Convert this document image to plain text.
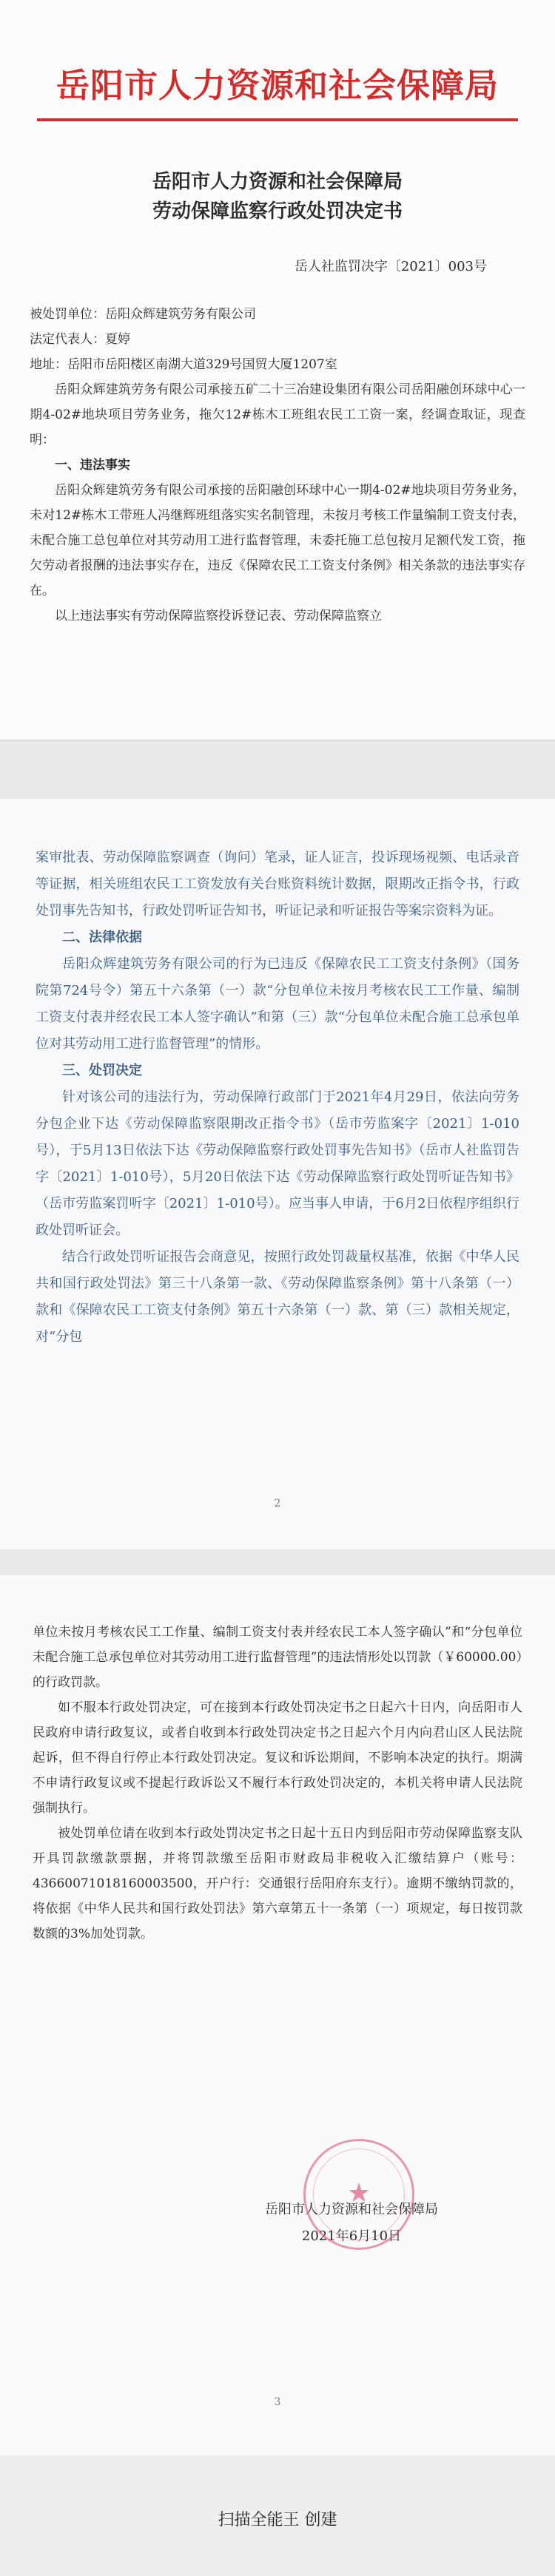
岳阳市人力资源和社会保障局
岳阳市人力资源和社会保障局
劳动保障监察行政处罚决定书

岳人社监罚决字〔2021〕003号

被处罚单位：岳阳众辉建筑劳务有限公司

法定代表人：夏婷

地址：岳阳市岳阳楼区南湖大道329号国贸大厦1207室

岳阳众辉建筑劳务有限公司承接五矿二十三冶建设集团有限公司岳阳融创环球中心一期4-02#地块项目劳务业务，拖欠12#栋木工班组农民工工资一案，经调查取证，现查明：

一、违法事实

岳阳众辉建筑劳务有限公司承接的岳阳融创环球中心一期4-02#地块项目劳务业务，未对12#栋木工带班人冯继辉班组落实实名制管理，未按月考核工作量编制工资支付表，未配合施工总包单位对其劳动用工进行监督管理，未委托施工总包按月足额代发工资，拖欠劳动者报酬的违法事实存在，违反《保障农民工工资支付条例》相关条款的违法事实存在。

以上违法事实有劳动保障监察投诉登记表、劳动保障监察立

案审批表、劳动保障监察调查（询问）笔录，证人证言，投诉现场视频、电话录音等证据，相关班组农民工工资发放有关台账资料统计数据，限期改正指令书，行政处罚事先告知书，行政处罚听证告知书，听证记录和听证报告等案宗资料为证。

二、法律依据

岳阳众辉建筑劳务有限公司的行为已违反《保障农民工工资支付条例》（国务院第724号令）第五十六条第（一）款“分包单位未按月考核农民工工作量、编制工资支付表并经农民工本人签字确认”和第（三）款“分包单位未配合施工总承包单位对其劳动用工进行监督管理”的情形。

三、处罚决定

针对该公司的违法行为，劳动保障行政部门于2021年4月29日，依法向劳务分包企业下达《劳动保障监察限期改正指令书》（岳市劳监案字〔2021〕1-010号），于5月13日依法下达《劳动保障监察行政处罚事先告知书》（岳市人社监罚告字〔2021〕1-010号），5月20日依法下达《劳动保障监察行政处罚听证告知书》（岳市劳监案罚听字〔2021〕1-010号）。应当事人申请，于6月2日依程序组织行政处罚听证会。

结合行政处罚听证报告会商意见，按照行政处罚裁量权基准，依据《中华人民共和国行政处罚法》第三十八条第一款、《劳动保障监察条例》第十八条第（一）款和《保障农民工工资支付条例》第五十六条第（一）款、第（三）款相关规定，对“分包

2

单位未按月考核农民工工作量、编制工资支付表并经农民工本人签字确认”和“分包单位未配合施工总承包单位对其劳动用工进行监督管理”的违法情形处以罚款（￥60000.00）的行政罚款。

如不服本行政处罚决定，可在接到本行政处罚决定书之日起六十日内，向岳阳市人民政府申请行政复议，或者自收到本行政处罚决定书之日起六个月内向君山区人民法院起诉，但不得自行停止本行政处罚决定。复议和诉讼期间，不影响本决定的执行。期满不申请行政复议或不提起行政诉讼又不履行本行政处罚决定的，本机关将申请人民法院强制执行。

被处罚单位请在收到本行政处罚决定书之日起十五日内到岳阳市劳动保障监察支队开具罚款缴款票据，并将罚款缴至岳阳市财政局非税收入汇缴结算户（账号：43660071018160003500，开户行：交通银行岳阳府东支行）。逾期不缴纳罚款的，将依据《中华人民共和国行政处罚法》第六章第五十一条第（一）项规定，每日按罚款数额的3%加处罚款。

★

岳阳市人力资源和社会保障局

2021年6月10日

3
扫描全能王 创建
